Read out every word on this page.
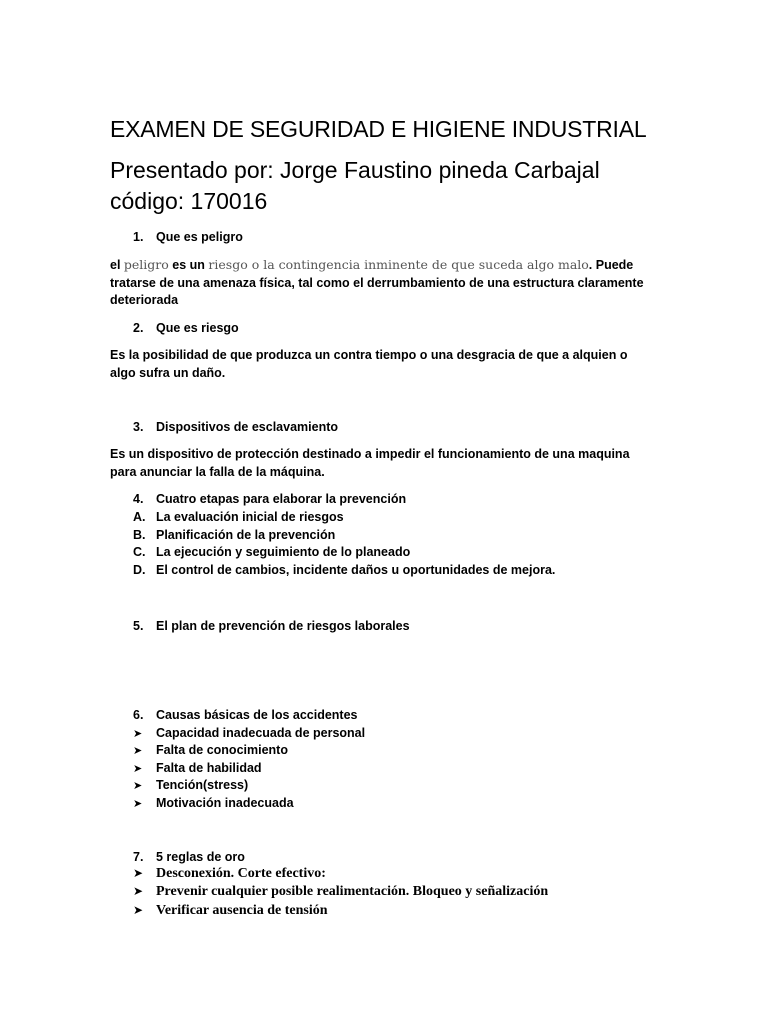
EXAMEN DE SEGURIDAD E HIGIENE INDUSTRIAL
Presentado por: Jorge Faustino pineda Carbajal código: 170016
1. Que es peligro
el peligro es un riesgo o la contingencia inminente de que suceda algo malo. Puede tratarse de una amenaza física, tal como el derrumbamiento de una estructura claramente deteriorada
2. Que es riesgo
Es la posibilidad de que produzca un contra tiempo o una desgracia de que a alquien o algo sufra un daño.
3. Dispositivos de esclavamiento
Es un dispositivo de protección destinado a impedir el funcionamiento de una maquina para anunciar la falla de la máquina.
4. Cuatro etapas para elaborar la prevención
A. La evaluación inicial de riesgos
B. Planificación de la prevención
C. La ejecución y seguimiento de lo planeado
D. El control de cambios, incidente daños u oportunidades de mejora.
5. El plan de prevención de riesgos laborales
6. Causas básicas de los accidentes
➤ Capacidad inadecuada de personal
➤ Falta de conocimiento
➤ Falta de habilidad
➤ Tención(stress)
➤ Motivación inadecuada
7. 5 reglas de oro
➤ Desconexión. Corte efectivo:
➤ Prevenir cualquier posible realimentación. Bloqueo y señalización
➤ Verificar ausencia de tensión
